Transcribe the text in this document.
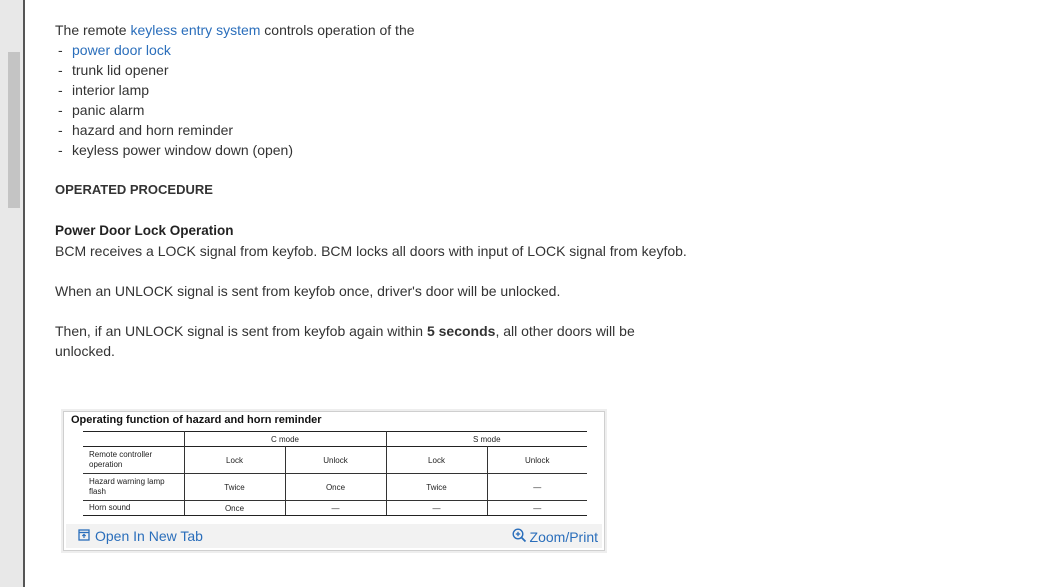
The remote keyless entry system controls operation of the

- power door lock
- trunk lid opener
- interior lamp
- panic alarm
- hazard and horn reminder
- keyless power window down (open)

OPERATED PROCEDURE

Power Door Lock Operation

BCM receives a LOCK signal from keyfob. BCM locks all doors with input of LOCK signal from keyfob.

When an UNLOCK signal is sent from keyfob once, driver's door will be unlocked.

Then, if an UNLOCK signal is sent from keyfob again within 5 seconds, all other doors will be unlocked.

Operating function of hazard and horn reminder
	C mode		S mode	
Remote controller operation	Lock	Unlock	Lock	Unlock
Hazard warning lamp flash	Twice	Once	Twice	—
Horn sound	Once	—	—	—
Open In New Tab	Zoom/Print
